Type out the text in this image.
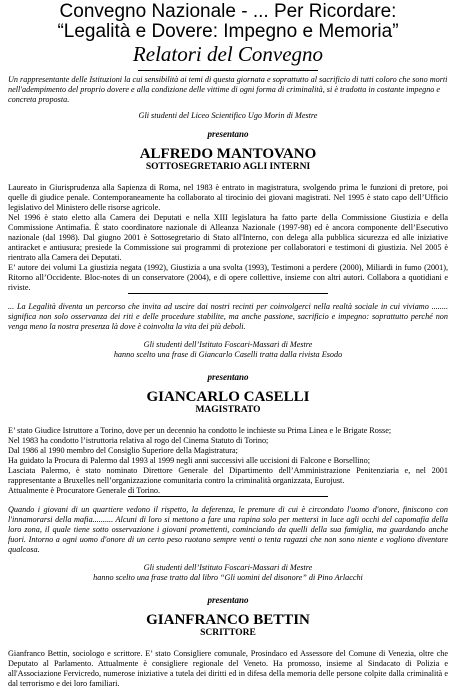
Convegno Nazionale - ... Per Ricordare:

“Legalità e Dovere: Impegno e Memoria”

Relatori del Convegno

Un rappresentante delle Istituzioni la cui sensibilità ai temi di questa giornata e soprattutto al sacrificio di tutti coloro che sono morti nell'adempimento del proprio dovere e alla condizione delle vittime di ogni forma di criminalità, si è tradotta in costante impegno e concreta proposta.

Gli studenti del Liceo Scientifico Ugo Morin di Mestre

presentano

ALFREDO MANTOVANO

SOTTOSEGRETARIO AGLI INTERNI

Laureato in Giurisprudenza alla Sapienza di Roma, nel 1983 è entrato in magistratura, svolgendo prima le funzioni di pretore, poi quelle di giudice penale. Contemporaneamente ha collaborato al tirocinio dei giovani magistrati. Nel 1995 è stato capo dell’Ufficio legislativo del Ministero delle risorse agricole.

Nel 1996 è stato eletto alla Camera dei Deputati e nella XIII legislatura ha fatto parte della Commissione Giustizia e della Commissione Antimafia. È stato coordinatore nazionale di Alleanza Nazionale (1997-98) ed è ancora componente dell’Esecutivo nazionale (dal 1998). Dal giugno 2001 è Sottosegretario di Stato all'Interno, con delega alla pubblica sicurezza ed alle iniziative antiracket e antiusura; presiede la Commissione sui programmi di protezione per collaboratori e testimoni di giustizia. Nel 2005 è rientrato alla Camera dei Deputati.

E’ autore dei volumi La giustizia negata (1992), Giustizia a una svolta (1993), Testimoni a perdere (2000), Miliardi in fumo (2001), Ritorno all’Occidente. Bloc-notes di un conservatore (2004), e di opere collettive, insieme con altri autori. Collabora a quotidiani e riviste.

... La Legalità diventa un percorso che invita ad uscire dai nostri recinti per coinvolgerci nella realtà sociale in cui viviamo ........ significa non solo osservanza dei riti e delle procedure stabilite, ma anche passione, sacrificio e impegno: soprattutto perché non venga meno la nostra presenza là dove è coinvolta la vita dei più deboli.

Gli studenti dell’Istituto Foscari-Massari di Mestre

hanno scelto una frase di Giancarlo Caselli tratta dalla rivista Esodo

presentano

GIANCARLO CASELLI

MAGISTRATO

E’ stato Giudice Istruttore a Torino, dove per un decennio ha condotto le inchieste su Prima Linea e le Brigate Rosse;

Nel 1983 ha condotto l’istruttoria relativa al rogo del Cinema Statuto di Torino;

Dal 1986 al 1990 membro del Consiglio Superiore della Magistratura;

Ha guidato la Procura di Palermo dal 1993 al 1999 negli anni successivi alle uccisioni di Falcone e Borsellino;

Lasciata Palermo, è stato nominato Direttore Generale del Dipartimento dell’Amministrazione Penitenziaria e, nel 2001 rappresentante a Bruxelles nell’organizzazione comunitaria contro la criminalità organizzata, Eurojust.

Attualmente è Procuratore Generale di Torino.

Quando i giovani di un quartiere vedono il rispetto, la deferenza, le premure di cui è circondato l'uomo d'onore, finiscono con l'innamorarsi della mafia.......... Alcuni di loro si mettono a fare una rapina solo per mettersi in luce agli occhi del capomafia della loro zona, il quale tiene sotto osservazione i giovani promettenti, cominciando da quelli della sua famiglia, ma guardando anche fuori. Intorno a ogni uomo d'onore di un certo peso ruotano sempre venti o tenta ragazzi che non sono niente e vogliono diventare qualcosa.

Gli studenti dell’Istituto Foscari-Massari di Mestre

hanno scelto una frase tratto dal libro “Gli uomini del disonore” di Pino Arlacchi

presentano

GIANFRANCO BETTIN

SCRITTORE

Gianfranco Bettin, sociologo e scrittore. E’ stato Consigliere comunale, Prosindaco ed Assessore del Comune di Venezia, oltre che Deputato al Parlamento. Attualmente è consigliere regionale del Veneto. Ha promosso, insieme al Sindacato di Polizia e all'Associazione Fervicredo, numerose iniziative a tutela dei diritti ed in difesa della memoria delle persone colpite dalla criminalità e dal terrorismo e dei loro familiari.
